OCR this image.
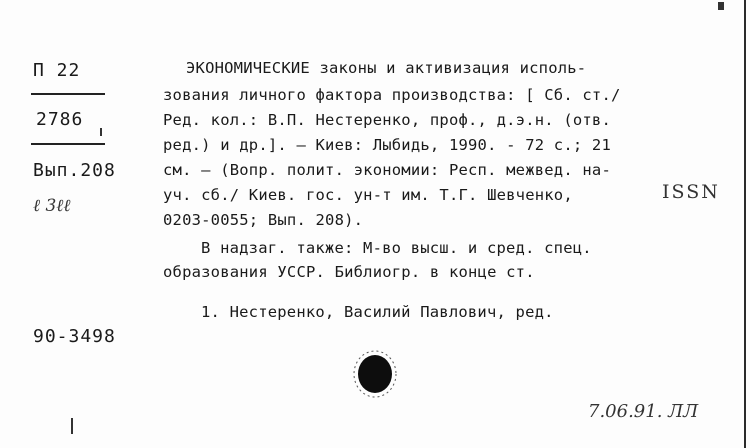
П 22
2786
Вып.208
ℓ 3ℓℓ
90-3498
ЭКОНОМИЧЕСКИЕ законы и активизация исполь-
зования личного фактора производства: [ Сб. ст./
Ред. кол.: В.П. Нестеренко, проф., д.э.н. (отв.
ред.) и др.]. – Киев: Лыбидь, 1990. - 72 с.; 21
см. – (Вопр. полит. экономии: Респ. межвед. на-
уч. сб./ Киев. гос. ун-т им. Т.Г. Шевченко,	ISSN
0203-0055; Вып. 208).
В надзаг. также: М-во высш. и сред. спец.
образования УССР. Библиогр. в конце ст.
1. Нестеренко, Василий Павлович, ред.
7.06.91. ЛЛ
